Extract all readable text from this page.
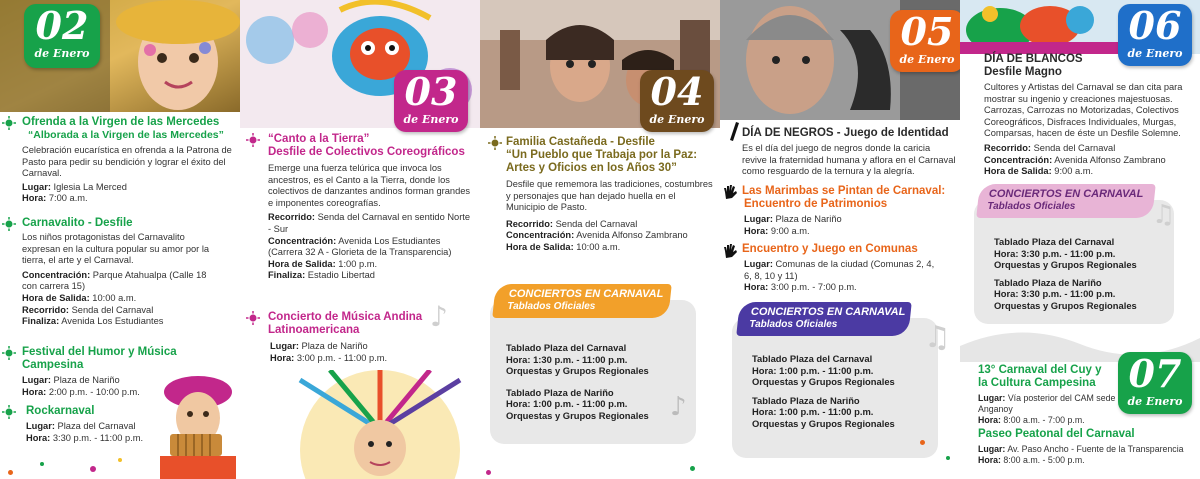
02
de Enero
Ofrenda a la Virgen de las Mercedes
“Alborada a la Virgen de las Mercedes”
Celebración eucarística en ofrenda a la Patrona de Pasto para pedir su bendición y lograr el éxito del Carnaval.
Lugar: Iglesia La Merced
Hora: 7:00 a.m.
Carnavalito - Desfile
Los niños protagonistas del Carnavalito expresan en la cultura popular su amor por la tierra, el arte y el Carnaval.
Concentración: Parque Atahualpa (Calle 18 con carrera 15)
Hora de Salida: 10:00 a.m.
Recorrido: Senda del Carnaval
Finaliza: Avenida Los Estudiantes
Festival del Humor y Música Campesina
Lugar: Plaza de Nariño
Hora: 2:00 p.m. - 10:00 p.m.
Rockarnaval
Lugar: Plaza del Carnaval
Hora: 3:30 p.m. - 11:00 p.m.
03
de Enero
“Canto a la Tierra”
Desfile de Colectivos Coreográficos
Emerge una fuerza telúrica que invoca los ancestros, es el Canto a la Tierra, donde los colectivos de danzantes andinos forman grandes e imponentes coreografías.
Recorrido: Senda del Carnaval en sentido Norte - Sur
Concentración: Avenida Los Estudiantes (Carrera 32 A - Glorieta de la Transparencia)
Hora de Salida: 1:00 p.m.
Finaliza: Estadio Libertad
Concierto de Música Andina
Latinoamericana
Lugar: Plaza de Nariño
Hora: 3:00 p.m. - 11:00 p.m.
♪
04
de Enero
Familia Castañeda - Desfile
“Un Pueblo que Trabaja por la Paz:
Artes y Oficios en los Años 30”
Desfile que rememora las tradiciones, costumbres y personajes que han dejado huella en el Municipio de Pasto.
Recorrido: Senda del Carnaval
Concentración: Avenida Alfonso Zambrano
Hora de Salida: 10:00 a.m.
CONCIERTOS EN CARNAVAL
Tablados Oficiales
Tablado Plaza del Carnaval
Hora: 1:30 p.m. - 11:00 p.m.
Orquestas y Grupos Regionales
Tablado Plaza de Nariño
Hora: 1:00 p.m. - 11:00 p.m.
Orquestas y Grupos Regionales ♪
05
de Enero
DÍA DE NEGROS - Juego de Identidad
Es el día del juego de negros donde la caricia revive la fraternidad humana y aflora en el Carnaval como resguardo de la ternura y la alegría.
Las Marimbas se Pintan de Carnaval:
Encuentro de Patrimonios
Lugar: Plaza de Nariño
Hora: 9:00 a.m.
Encuentro y Juego en Comunas
Lugar: Comunas de la ciudad (Comunas 2, 4, 6, 8, 10 y 11)
Hora: 3:00 p.m. - 7:00 p.m.
CONCIERTOS EN CARNAVAL
Tablados Oficiales
Tablado Plaza del Carnaval
Hora: 1:00 p.m. - 11:00 p.m.
Orquestas y Grupos Regionales
Tablado Plaza de Nariño
Hora: 1:00 p.m. - 11:00 p.m.
Orquestas y Grupos Regionales
♫
06
de Enero
DÍA DE BLANCOS
Desfile Magno
Cultores y Artistas del Carnaval se dan cita para mostrar su ingenio y creaciones majestuosas. Carrozas, Carrozas no Motorizadas, Colectivos Coreográficos, Disfraces Individuales, Murgas, Comparsas, hacen de éste un Desfile Solemne.
Recorrido: Senda del Carnaval
Concentración: Avenida Alfonso Zambrano
Hora de Salida: 9:00 a.m.
CONCIERTOS EN CARNAVAL
Tablados Oficiales
Tablado Plaza del Carnaval
Hora: 3:30 p.m. - 11:00 p.m.
Orquestas y Grupos Regionales
Tablado Plaza de Nariño
Hora: 3:30 p.m. - 11:00 p.m.
Orquestas y Grupos Regionales
♫
07
de Enero
13° Carnaval del Cuy y
la Cultura Campesina
Lugar: Vía posterior del CAM sede Anganoy
Hora: 8:00 a.m. - 7:00 p.m.
Paseo Peatonal del Carnaval
Lugar: Av. Paso Ancho - Fuente de la Transparencia
Hora: 8:00 a.m. - 5:00 p.m.
